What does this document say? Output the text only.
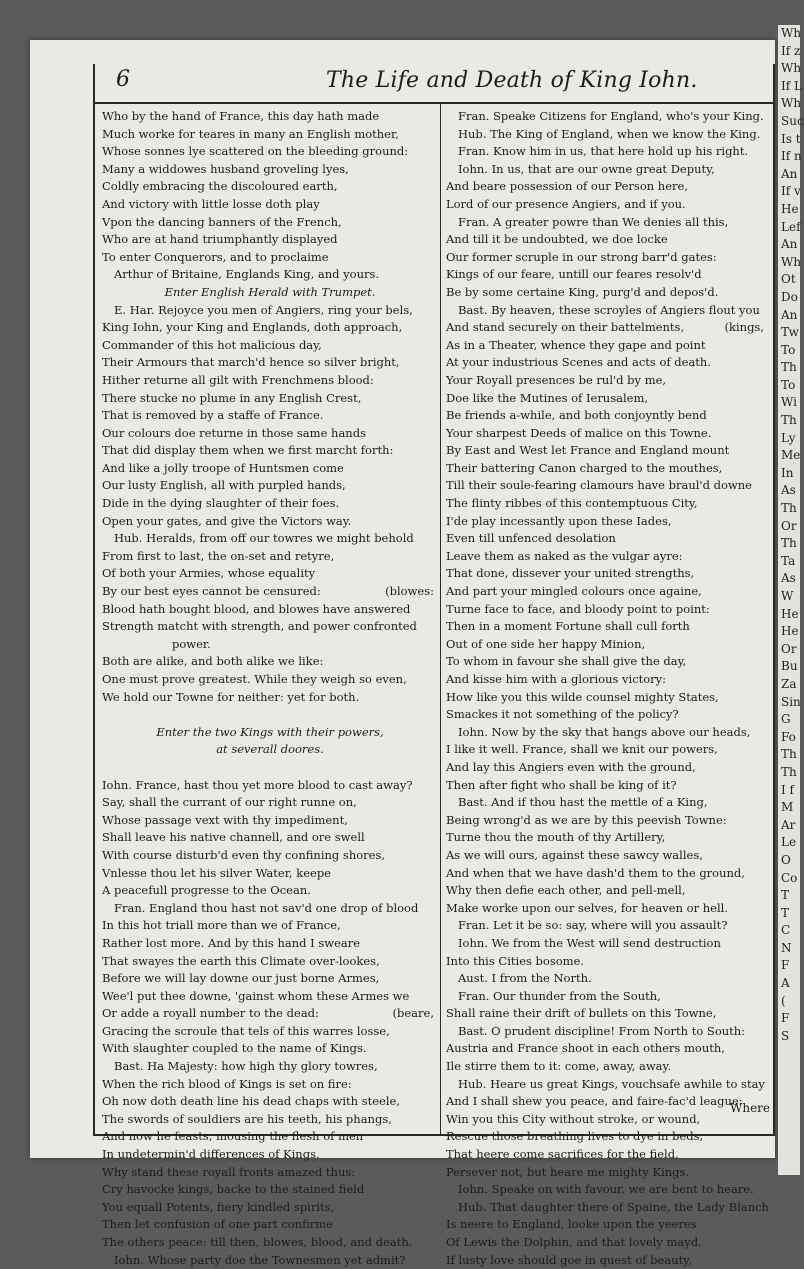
6	The Life and Death of King Iohn.
Who by the hand of France, this day hath made
Much worke for teares in many an English mother,
Whose sonnes lye scattered on the bleeding ground:
Many a widdowes husband groveling lyes,
Coldly embracing the discoloured earth,
And victory with little losse doth play
Vpon the dancing banners of the French,
Who are at hand triumphantly displayed
To enter Conquerors, and to proclaime
Arthur of Britaine, Englands King, and yours.
Enter English Herald with Trumpet.
E. Har. Rejoyce you men of Angiers, ring your bels,
King Iohn, your King and Englands, doth approach,
Commander of this hot malicious day,
Their Armours that march'd hence so silver bright,
Hither returne all gilt with Frenchmens blood:
There stucke no plume in any English Crest,
That is removed by a staffe of France.
Our colours doe returne in those same hands
That did display them when we first marcht forth:
And like a jolly troope of Huntsmen come
Our lusty English, all with purpled hands,
Dide in the dying slaughter of their foes.
Open your gates, and give the Victors way.
Hub. Heralds, from off our towres we might behold
From first to last, the on-set and retyre,
Of both your Armies, whose equality
By our best eyes cannot be censured:	(blowes:
Blood hath bought blood, and blowes have answered
Strength matcht with strength, and power confronted
power.
Both are alike, and both alike we like:
One must prove greatest. While they weigh so even,
We hold our Towne for neither: yet for both.
Enter the two Kings with their powers,
at severall doores.
Iohn. France, hast thou yet more blood to cast away?
Say, shall the currant of our right runne on,
Whose passage vext with thy impediment,
Shall leave his native channell, and ore swell
With course disturb'd even thy confining shores,
Vnlesse thou let his silver Water, keepe
A peacefull progresse to the Ocean.
Fran. England thou hast not sav'd one drop of blood
In this hot triall more than we of France,
Rather lost more. And by this hand I sweare
That swayes the earth this Climate over-lookes,
Before we will lay downe our just borne Armes,
Wee'l put thee downe, 'gainst whom these Armes we
Or adde a royall number to the dead:	(beare,
Gracing the scroule that tels of this warres losse,
With slaughter coupled to the name of Kings.
Bast. Ha Majesty: how high thy glory towres,
When the rich blood of Kings is set on fire:
Oh now doth death line his dead chaps with steele,
The swords of souldiers are his teeth, his phangs,
And now he feasts, mousing the flesh of men
In undetermin'd differences of Kings.
Why stand these royall fronts amazed thus:
Cry havocke kings, backe to the stained field
You equall Potents, fiery kindled spirits,
Then let confusion of one part confirme
The others peace: till then, blowes, blood, and death.
Iohn. Whose party doe the Townesmen yet admit?
Fran. Speake Citizens for England, who's your King.
Hub. The King of England, when we know the King.
Fran. Know him in us, that here hold up his right.
Iohn. In us, that are our owne great Deputy,
And beare possession of our Person here,
Lord of our presence Angiers, and if you.
Fran. A greater powre than We denies all this,
And till it be undoubted, we doe locke
Our former scruple in our strong barr'd gates:
Kings of our feare, untill our feares resolv'd
Be by some certaine King, purg'd and depos'd.
Bast. By heaven, these scroyles of Angiers flout you
And stand securely on their battelments,	(kings,
As in a Theater, whence they gape and point
At your industrious Scenes and acts of death.
Your Royall presences be rul'd by me,
Doe like the Mutines of Ierusalem,
Be friends a-while, and both conjoyntly bend
Your sharpest Deeds of malice on this Towne.
By East and West let France and England mount
Their battering Canon charged to the mouthes,
Till their soule-fearing clamours have braul'd downe
The flinty ribbes of this contemptuous City,
I'de play incessantly upon these Iades,
Even till unfenced desolation
Leave them as naked as the vulgar ayre:
That done, dissever your united strengths,
And part your mingled colours once againe,
Turne face to face, and bloody point to point:
Then in a moment Fortune shall cull forth
Out of one side her happy Minion,
To whom in favour she shall give the day,
And kisse him with a glorious victory:
How like you this wilde counsel mighty States,
Smackes it not something of the policy?
Iohn. Now by the sky that hangs above our heads,
I like it well. France, shall we knit our powers,
And lay this Angiers even with the ground,
Then after fight who shall be king of it?
Bast. And if thou hast the mettle of a King,
Being wrong'd as we are by this peevish Towne:
Turne thou the mouth of thy Artillery,
As we will ours, against these sawcy walles,
And when that we have dash'd them to the ground,
Why then defie each other, and pell-mell,
Make worke upon our selves, for heaven or hell.
Fran. Let it be so: say, where will you assault?
Iohn. We from the West will send destruction
Into this Cities bosome.
Aust. I from the North.
Fran. Our thunder from the South,
Shall raine their drift of bullets on this Towne,
Bast. O prudent discipline! From North to South:
Austria and France shoot in each others mouth,
Ile stirre them to it: come, away, away.
Hub. Heare us great Kings, vouchsafe awhile to stay
And I shall shew you peace, and faire-fac'd league:
Win you this City without stroke, or wound,
Rescue those breathing lives to dye in beds,
That heere come sacrifices for the field.
Persever not, but heare me mighty Kings.
Iohn. Speake on with favour, we are bent to heare.
Hub. That daughter there of Spaine, the Lady Blanch
Is neere to England, looke upon the yeeres
Of Lewis the Dolphin, and that lovely mayd.
If lusty love should goe in quest of beauty,
Where
Wh
If z
Wh
If L
Wh
Suc
Is t
If n
An
If v
He
Lef
An
Wh
Ot
Do
An
Tw
To
Th
To
Wi
Th
Ly
Me
In
As
Th
Or
Th
Ta
As
W
He
He
Or
Bu
Za
Sin
G
Fo
Th
Th
I f
M
Ar
Le
O
Co
T
T
C
N
F
A
(
F
S
